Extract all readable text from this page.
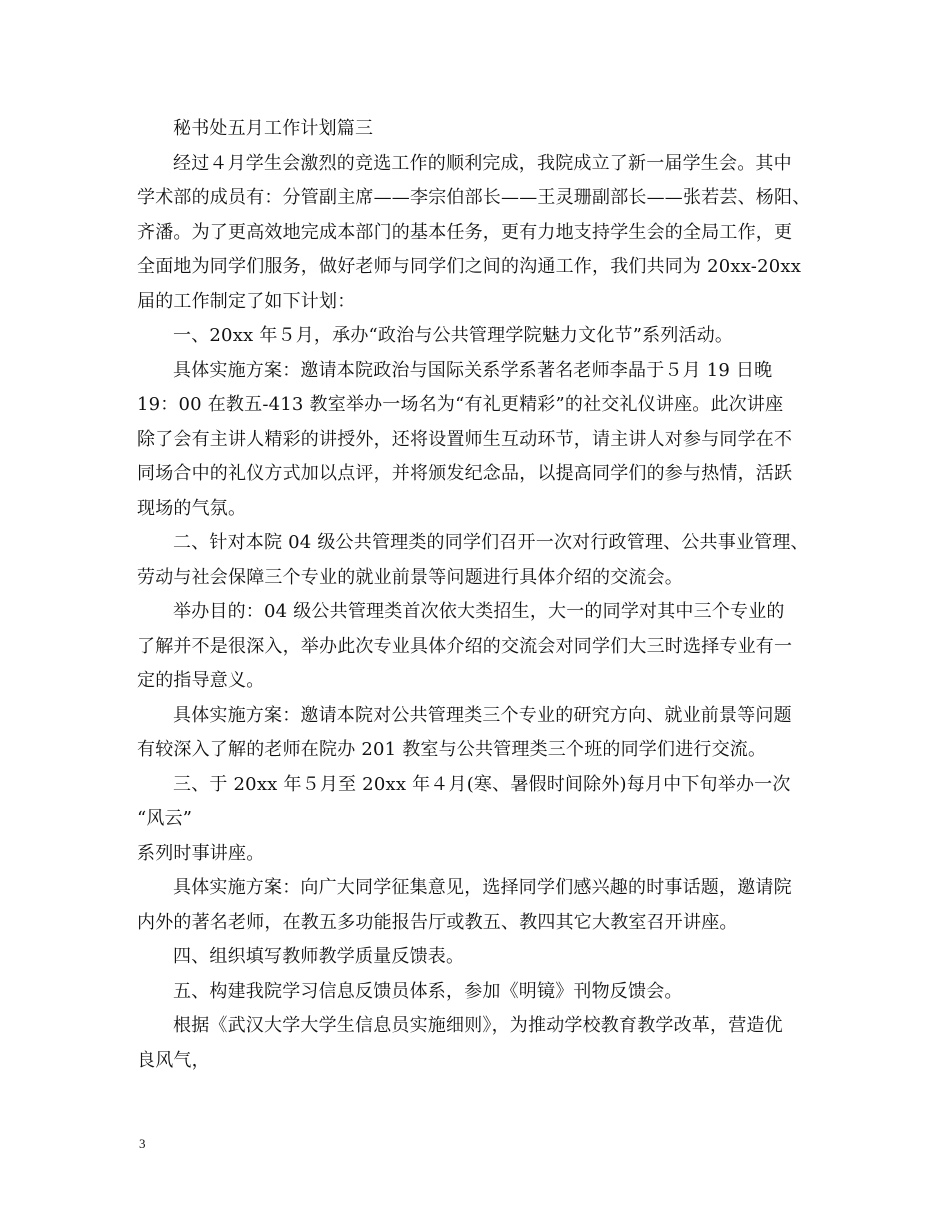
秘书处五月工作计划篇三
经过４月学生会激烈的竞选工作的顺利完成，我院成立了新一届学生会。其中
学术部的成员有：分管副主席——李宗伯部长——王灵珊副部长——张若芸、杨阳、
齐潘。为了更高效地完成本部门的基本任务，更有力地支持学生会的全局工作，更
全面地为同学们服务，做好老师与同学们之间的沟通工作，我们共同为 20xx-20xx
届的工作制定了如下计划：
一、20xx 年５月，承办“政治与公共管理学院魅力文化节”系列活动。
具体实施方案：邀请本院政治与国际关系学系著名老师李晶于５月 19 日晚
19：00 在教五-413 教室举办一场名为“有礼更精彩”的社交礼仪讲座。此次讲座
除了会有主讲人精彩的讲授外，还将设置师生互动环节，请主讲人对参与同学在不
同场合中的礼仪方式加以点评，并将颁发纪念品，以提高同学们的参与热情，活跃
现场的气氛。
二、针对本院 04 级公共管理类的同学们召开一次对行政管理、公共事业管理、
劳动与社会保障三个专业的就业前景等问题进行具体介绍的交流会。
举办目的：04 级公共管理类首次依大类招生，大一的同学对其中三个专业的
了解并不是很深入，举办此次专业具体介绍的交流会对同学们大三时选择专业有一
定的指导意义。
具体实施方案：邀请本院对公共管理类三个专业的研究方向、就业前景等问题
有较深入了解的老师在院办 201 教室与公共管理类三个班的同学们进行交流。
三、于 20xx 年５月至 20xx 年４月(寒、暑假时间除外)每月中下旬举办一次
“风云”
系列时事讲座。
具体实施方案：向广大同学征集意见，选择同学们感兴趣的时事话题，邀请院
内外的著名老师，在教五多功能报告厅或教五、教四其它大教室召开讲座。
四、组织填写教师教学质量反馈表。
五、构建我院学习信息反馈员体系，参加《明镜》刊物反馈会。
根据《武汉大学大学生信息员实施细则》，为推动学校教育教学改革，营造优
良风气，
3
